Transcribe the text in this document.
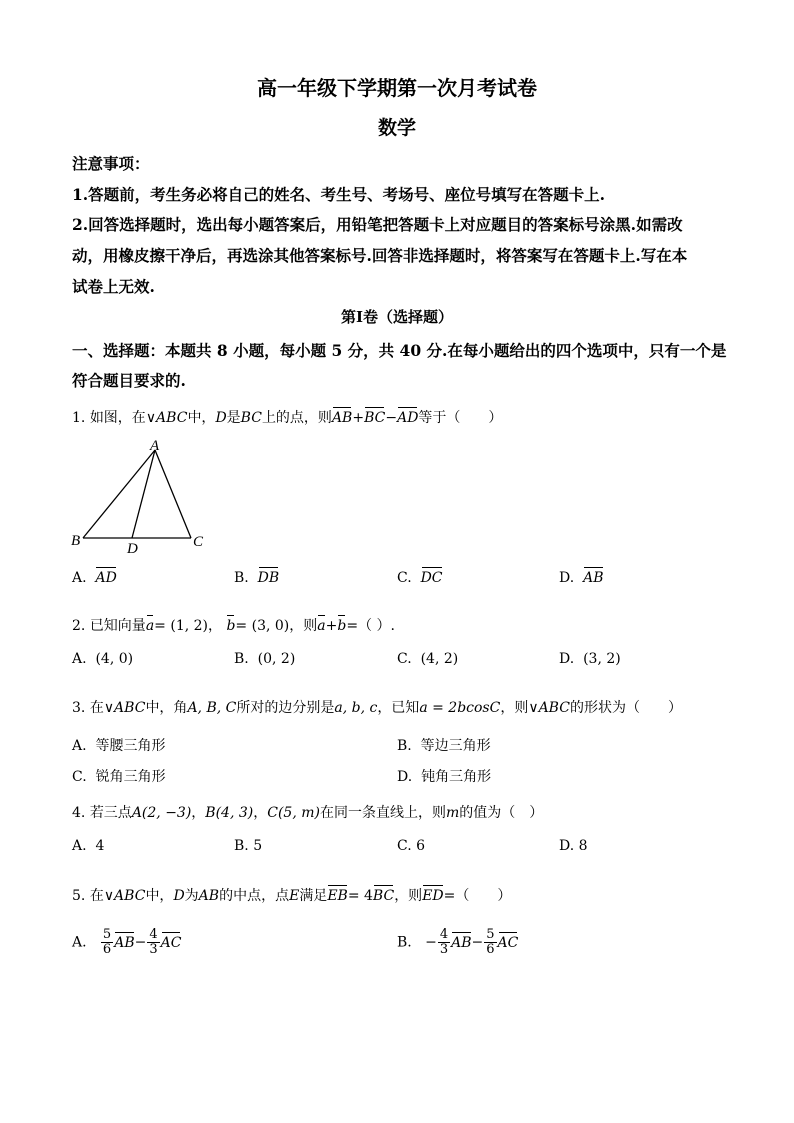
高一年级下学期第一次月考试卷
数学
注意事项：
1.答题前，考生务必将自己的姓名、考生号、考场号、座位号填写在答题卡上.
2.回答选择题时，选出每小题答案后，用铅笔把答题卡上对应题目的答案标号涂黑.如需改
动，用橡皮擦干净后，再选涂其他答案标号.回答非选择题时，将答案写在答题卡上.写在本
试卷上无效.
第Ⅰ卷（选择题）
一、选择题：本题共 8 小题，每小题 5 分，共 40 分.在每小题给出的四个选项中，只有一个是
符合题目要求的.
1. 如图，在∨ABC中，D是BC上的点，则AB+BC−AD等于（　　）
A
B	C
D
A. AD	B. DB	C. DC	D. AB
2. 已知向量a= (1, 2)， b= (3, 0)，则a+b=（ ）.
A. (4, 0)	B. (0, 2)	C. (4, 2)	D. (3, 2)
3. 在∨ABC中，角A, B, C所对的边分别是a, b, c，已知a = 2bcosC，则∨ABC的形状为（　　）
A. 等腰三角形	B. 等边三角形
C. 锐角三角形	D. 钝角三角形
4. 若三点A(2, −3)，B(4, 3)，C(5, m)在同一条直线上，则m的值为（　）
A. 4	B. 5	C. 6	D. 8
5. 在∨ABC中，D为AB的中点，点E满足EB= 4BC，则ED=（　　）
A. $\frac{5}{6} AB- \frac{4}{3}$ AC	B. − $\frac{4}{3} AB- \frac{5}{6}$ AC
